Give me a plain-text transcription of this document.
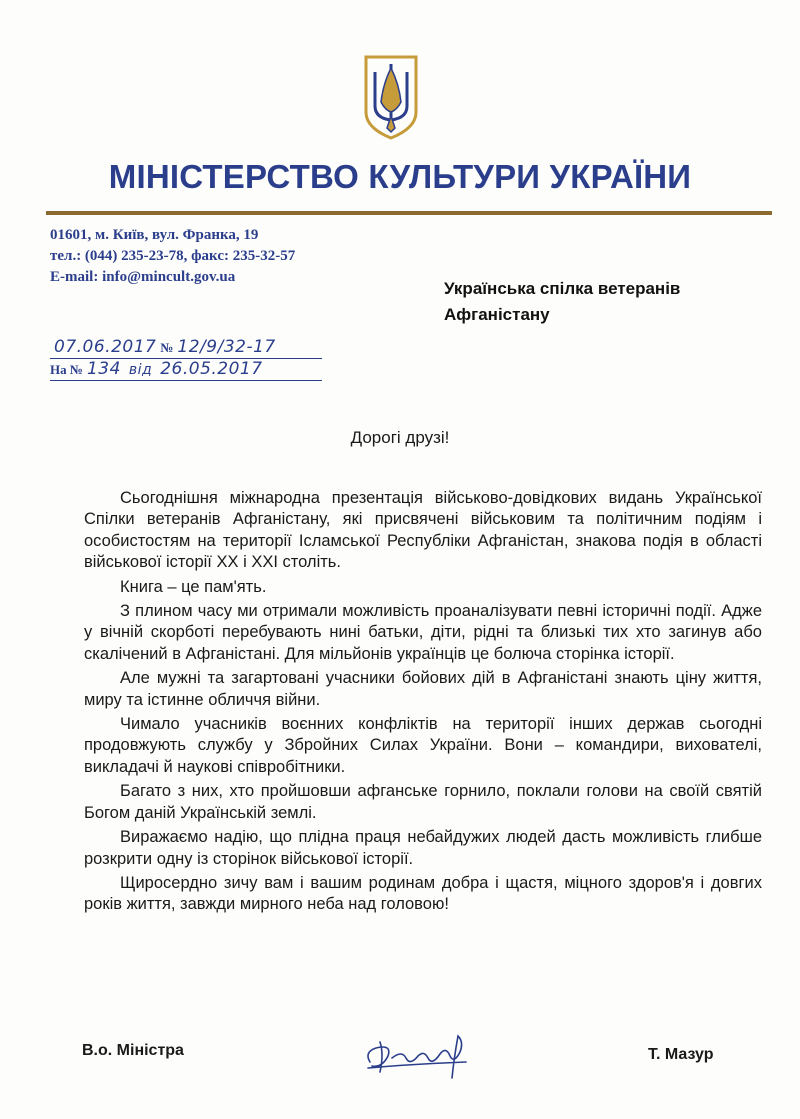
МІНІСТЕРСТВО КУЛЬТУРИ УКРАЇНИ
01601, м. Київ, вул. Франка, 19
тел.: (044) 235-23-78, факс: 235-32-57
E-mail: info@mincult.gov.ua
Українська спілка ветеранів
Афганістану
07.06.2017 № 12/9/32-17
На № 134 від 26.05.2017
Дорогі друзі!

Сьогоднішня міжнародна презентація військово-довідкових видань Української Спілки ветеранів Афганістану, які присвячені військовим та політичним подіям і особистостям на території Ісламської Республіки Афганістан, знакова подія в області військової історії XX і XXI століть.

Книга – це пам'ять.

З плином часу ми отримали можливість проаналізувати певні історичні події. Адже у вічній скорботі перебувають нині батьки, діти, рідні та близькі тих хто загинув або скалічений в Афганістані. Для мільйонів українців це болюча сторінка історії.

Але мужні та загартовані учасники бойових дій в Афганістані знають ціну життя, миру та істинне обличчя війни.

Чимало учасників воєнних конфліктів на території інших держав сьогодні продовжують службу у Збройних Силах України. Вони – командири, вихователі, викладачі й наукові співробітники.

Багато з них, хто пройшовши афганське горнило, поклали голови на своїй святій Богом даній Українській землі.

Виражаємо надію, що плідна праця небайдужих людей дасть можливість глибше розкрити одну із сторінок військової історії.

Щиросердно зичу вам і вашим родинам добра і щастя, міцного здоров'я і довгих років життя, завжди мирного неба над головою!

В.о. Міністра	Т. Мазур
